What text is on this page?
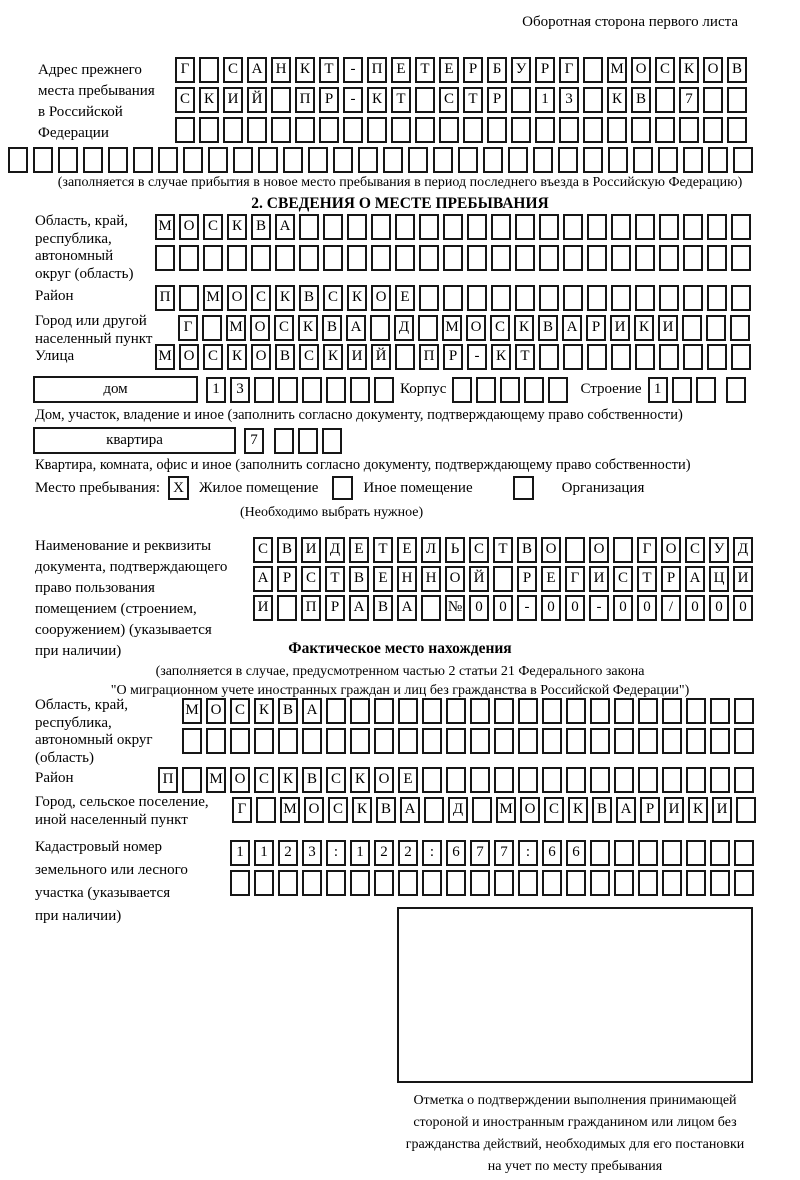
Оборотная сторона первого листа
Адрес прежнего
места пребывания
в Российской
Федерации
Г	С А Н К Т - П Е Т Е Р Б У Р Г М О С К О В
С К И Й П Р - К Т	С Т Р	1 3	К В	7
(заполняется в случае прибытия в новое место пребывания в период последнего въезда в Российскую Федерацию)
2. СВЕДЕНИЯ О МЕСТЕ ПРЕБЫВАНИЯ
Область, край,
республика,
автономный
округ (область)
М О С К В А
Район	П М О С К В С К О Е
Город или другой
населенный пункт
Г М О С К В А Д М О С К В А Р И К И
Улица	М О С К О В С К И Й П Р - К Т
дом	1 3	Корпус	Строение 1
Дом, участок, владение и иное (заполнить согласно документу, подтверждающему право собственности)
квартира	7
Квартира, комната, офис и иное (заполнить согласно документу, подтверждающему право собственности)
Место пребывания: X	Жилое помещение	Иное помещение	Организация
(Необходимо выбрать нужное)
Наименование и реквизиты
документа, подтверждающего
право пользования
помещением (строением,
сооружением) (указывается
при наличии)
С В И Д Е Т Е Л Ь С Т В О О	Г О С У Д
А Р С Т В Е Н Н О Й	Р Е Г И С Т Р А Ц И
И П Р А В А № 0 0 - 0 0 - 0 0 / 0 0 0
Фактическое место нахождения
(заполняется в случае, предусмотренном частью 2 статьи 21 Федерального закона
"О миграционном учете иностранных граждан и лиц без гражданства в Российской Федерации")
Область, край,
республика,
автономный округ
(область)
М О С К В А
Район	П М О С К В С К О Е
Город, сельское поселение,
иной населенный пункт
Г М О С К В А Д М О С К В А Р И К И
Кадастровый номер
земельного или лесного
участка (указывается
при наличии)
1 1 2 3 : 1 2 2 : 6 7 7 : 6 6
Отметка о подтверждении выполнения принимающей
стороной и иностранным гражданином или лицом без
гражданства действий, необходимых для его постановки
на учет по месту пребывания
